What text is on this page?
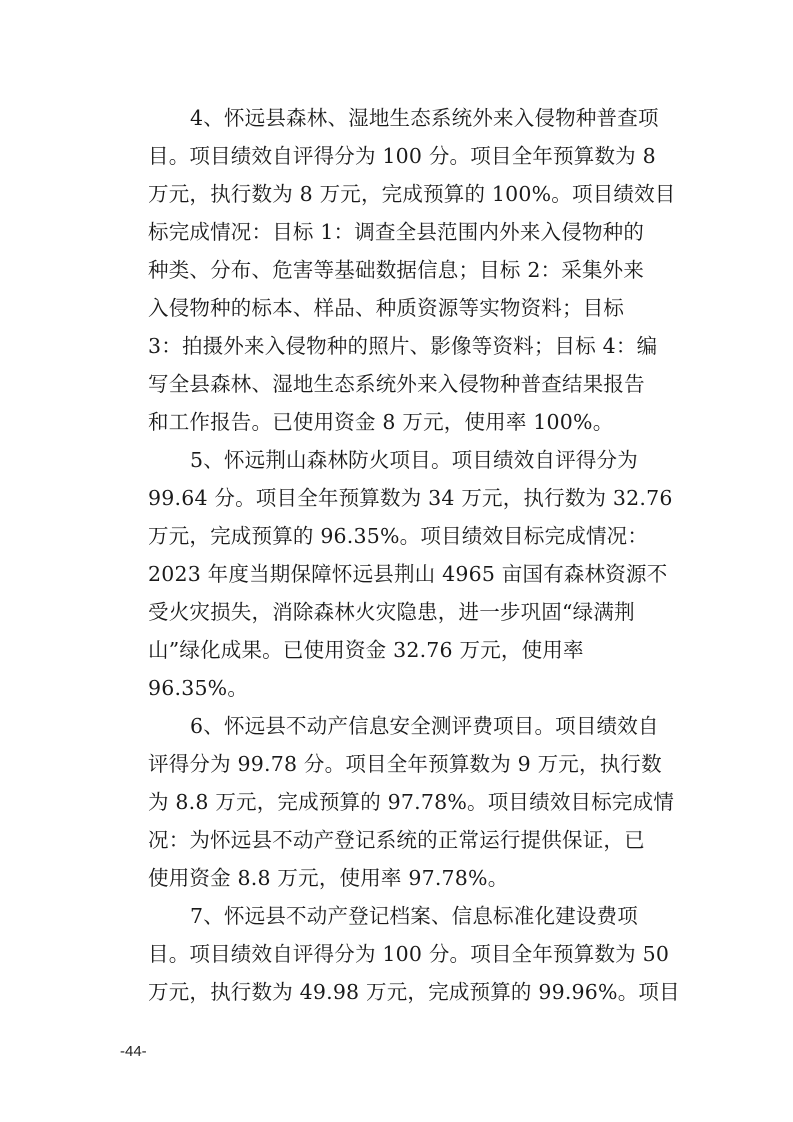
4、怀远县森林、湿地生态系统外来入侵物种普查项
目。项目绩效自评得分为 100 分。项目全年预算数为 8
万元，执行数为 8 万元，完成预算的 100%。项目绩效目
标完成情况：目标 1：调查全县范围内外来入侵物种的
种类、分布、危害等基础数据信息；目标 2：采集外来
入侵物种的标本、样品、种质资源等实物资料；目标
3：拍摄外来入侵物种的照片、影像等资料；目标 4：编
写全县森林、湿地生态系统外来入侵物种普查结果报告
和工作报告。已使用资金 8 万元，使用率 100%。
5、怀远荆山森林防火项目。项目绩效自评得分为
99.64 分。项目全年预算数为 34 万元，执行数为 32.76
万元，完成预算的 96.35%。项目绩效目标完成情况：
2023 年度当期保障怀远县荆山 4965 亩国有森林资源不
受火灾损失，消除森林火灾隐患，进一步巩固“绿满荆
山”绿化成果。已使用资金 32.76 万元，使用率
96.35%。
6、怀远县不动产信息安全测评费项目。项目绩效自
评得分为 99.78 分。项目全年预算数为 9 万元，执行数
为 8.8 万元，完成预算的 97.78%。项目绩效目标完成情
况：为怀远县不动产登记系统的正常运行提供保证，已
使用资金 8.8 万元，使用率 97.78%。
7、怀远县不动产登记档案、信息标准化建设费项
目。项目绩效自评得分为 100 分。项目全年预算数为 50
万元，执行数为 49.98 万元，完成预算的 99.96%。项目
-44-
